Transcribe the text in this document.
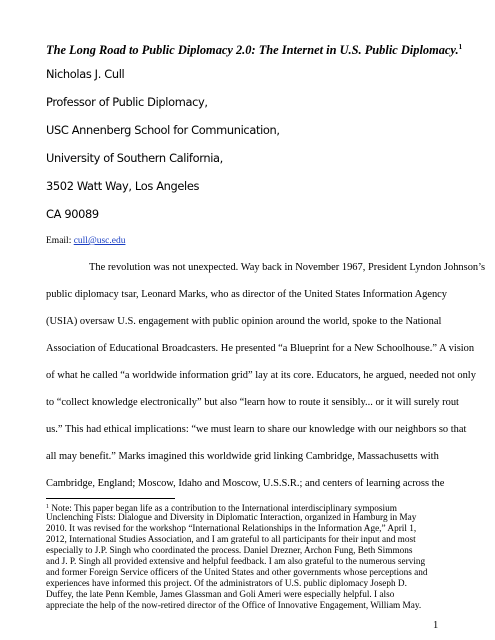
The Long Road to Public Diplomacy 2.0: The Internet in U.S. Public Diplomacy.$^1$
Nicholas J. Cull
Professor of Public Diplomacy,
USC Annenberg School for Communication,
University of Southern California,
3502 Watt Way, Los Angeles
CA 90089
Email: cull@usc.edu
The revolution was not unexpected. Way back in November 1967, President Lyndon Johnson’s
public diplomacy tsar, Leonard Marks, who as director of the United States Information Agency
(USIA) oversaw U.S. engagement with public opinion around the world, spoke to the National
Association of Educational Broadcasters. He presented “a Blueprint for a New Schoolhouse.” A vision
of what he called “a worldwide information grid” lay at its core. Educators, he argued, needed not only
to “collect knowledge electronically” but also “learn how to route it sensibly... or it will surely rout
us.” This had ethical implications: “we must learn to share our knowledge with our neighbors so that
all may benefit.” Marks imagined this worldwide grid linking Cambridge, Massachusetts with
Cambridge, England; Moscow, Idaho and Moscow, U.S.S.R.; and centers of learning across the
$^1$ Note: This paper began life as a contribution to the International interdisciplinary symposium
Unclenching Fists: Dialogue and Diversity in Diplomatic Interaction, organized in Hamburg in May
2010. It was revised for the workshop “International Relationships in the Information Age,” April 1,
2012, International Studies Association, and I am grateful to all participants for their input and most
especially to J.P. Singh who coordinated the process. Daniel Drezner, Archon Fung, Beth Simmons
and J. P. Singh all provided extensive and helpful feedback. I am also grateful to the numerous serving
and former Foreign Service officers of the United States and other governments whose perceptions and
experiences have informed this project. Of the administrators of U.S. public diplomacy Joseph D.
Duffey, the late Penn Kemble, James Glassman and Goli Ameri were especially helpful. I also
appreciate the help of the now-retired director of the Office of Innovative Engagement, William May.
1
